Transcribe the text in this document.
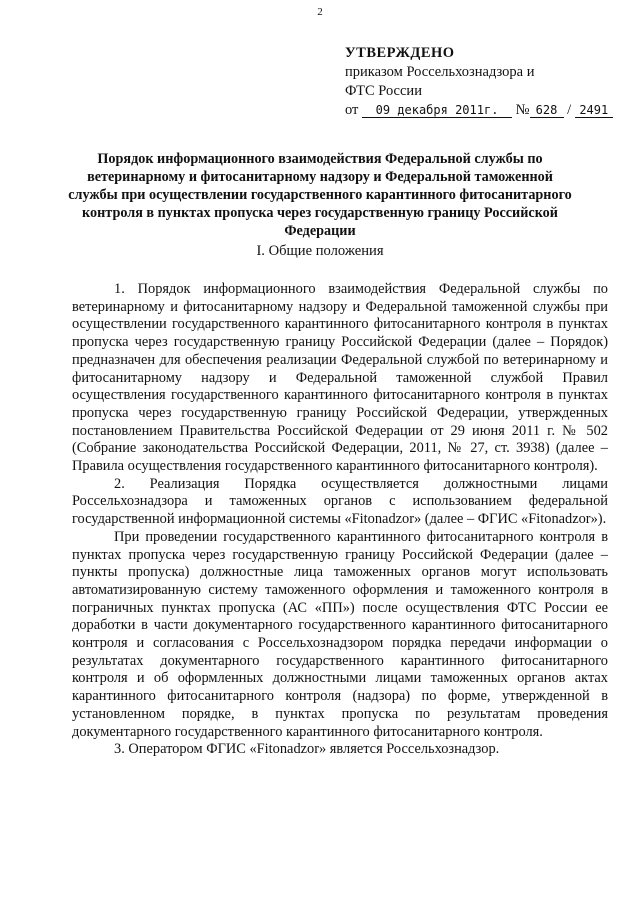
2
УТВЕРЖДЕНО
приказом Россельхознадзора и
ФТС России
от 09 декабря 2011г. № 628 / 2491
Порядок информационного взаимодействия Федеральной службы по ветеринарному и фитосанитарному надзору и Федеральной таможенной службы при осуществлении государственного карантинного фитосанитарного контроля в пунктах пропуска через государственную границу Российской Федерации
I. Общие положения

1. Порядок информационного взаимодействия Федеральной службы по ветеринарному и фитосанитарному надзору и Федеральной таможенной службы при осуществлении государственного карантинного фитосанитарного контроля в пунктах пропуска через государственную границу Российской Федерации (далее – Порядок) предназначен для обеспечения реализации Федеральной службой по ветеринарному и фитосанитарному надзору и Федеральной таможенной службой Правил осуществления государственного карантинного фитосанитарного контроля в пунктах пропуска через государственную границу Российской Федерации, утвержденных постановлением Правительства Российской Федерации от 29 июня 2011 г. № 502 (Собрание законодательства Российской Федерации, 2011, № 27, ст. 3938) (далее – Правила осуществления государственного карантинного фитосанитарного контроля).

2. Реализация Порядка осуществляется должностными лицами Россельхознадзора и таможенных органов с использованием федеральной государственной информационной системы «Fitonadzor» (далее – ФГИС «Fitonadzor»).

При проведении государственного карантинного фитосанитарного контроля в пунктах пропуска через государственную границу Российской Федерации (далее – пункты пропуска) должностные лица таможенных органов могут использовать автоматизированную систему таможенного оформления и таможенного контроля в пограничных пунктах пропуска (АС «ПП») после осуществления ФТС России ее доработки в части документарного государственного карантинного фитосанитарного контроля и согласования с Россельхознадзором порядка передачи информации о результатах документарного государственного карантинного фитосанитарного контроля и об оформленных должностными лицами таможенных органов актах карантинного фитосанитарного контроля (надзора) по форме, утвержденной в установленном порядке, в пунктах пропуска по результатам проведения документарного государственного карантинного фитосанитарного контроля.

3. Оператором ФГИС «Fitonadzor» является Россельхознадзор.
